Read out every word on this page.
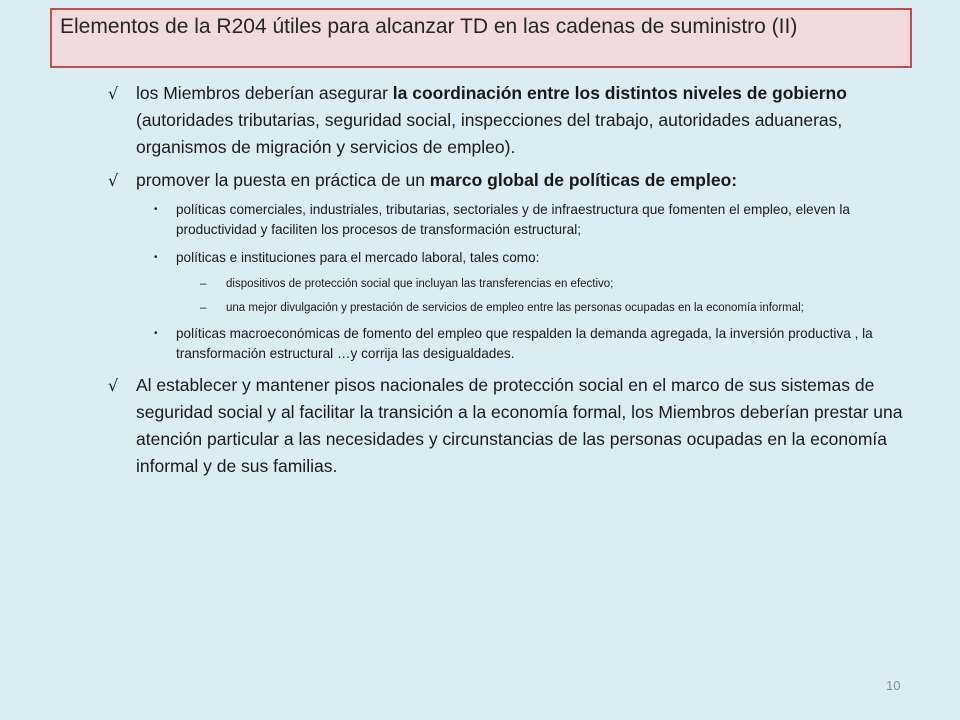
Elementos de la R204 útiles para alcanzar TD en las cadenas de suministro (II)
√ los Miembros deberían asegurar la coordinación entre los distintos niveles de gobierno (autoridades tributarias, seguridad social, inspecciones del trabajo, autoridades aduaneras, organismos de migración y servicios de empleo).
√ promover la puesta en práctica de un marco global de políticas de empleo:
• políticas comerciales, industriales, tributarias, sectoriales y de infraestructura que fomenten el empleo, eleven la productividad y faciliten los procesos de transformación estructural;
• políticas e instituciones para el mercado laboral, tales como:
– dispositivos de protección social que incluyan las transferencias en efectivo;
– una mejor divulgación y prestación de servicios de empleo entre las personas ocupadas en la economía informal;
• políticas macroeconómicas de fomento del empleo que respalden la demanda agregada, la inversión productiva , la transformación estructural …y corrija las desigualdades.
√ Al establecer y mantener pisos nacionales de protección social en el marco de sus sistemas de seguridad social y al facilitar la transición a la economía formal, los Miembros deberían prestar una atención particular a las necesidades y circunstancias de las personas ocupadas en la economía informal y de sus familias.
10
